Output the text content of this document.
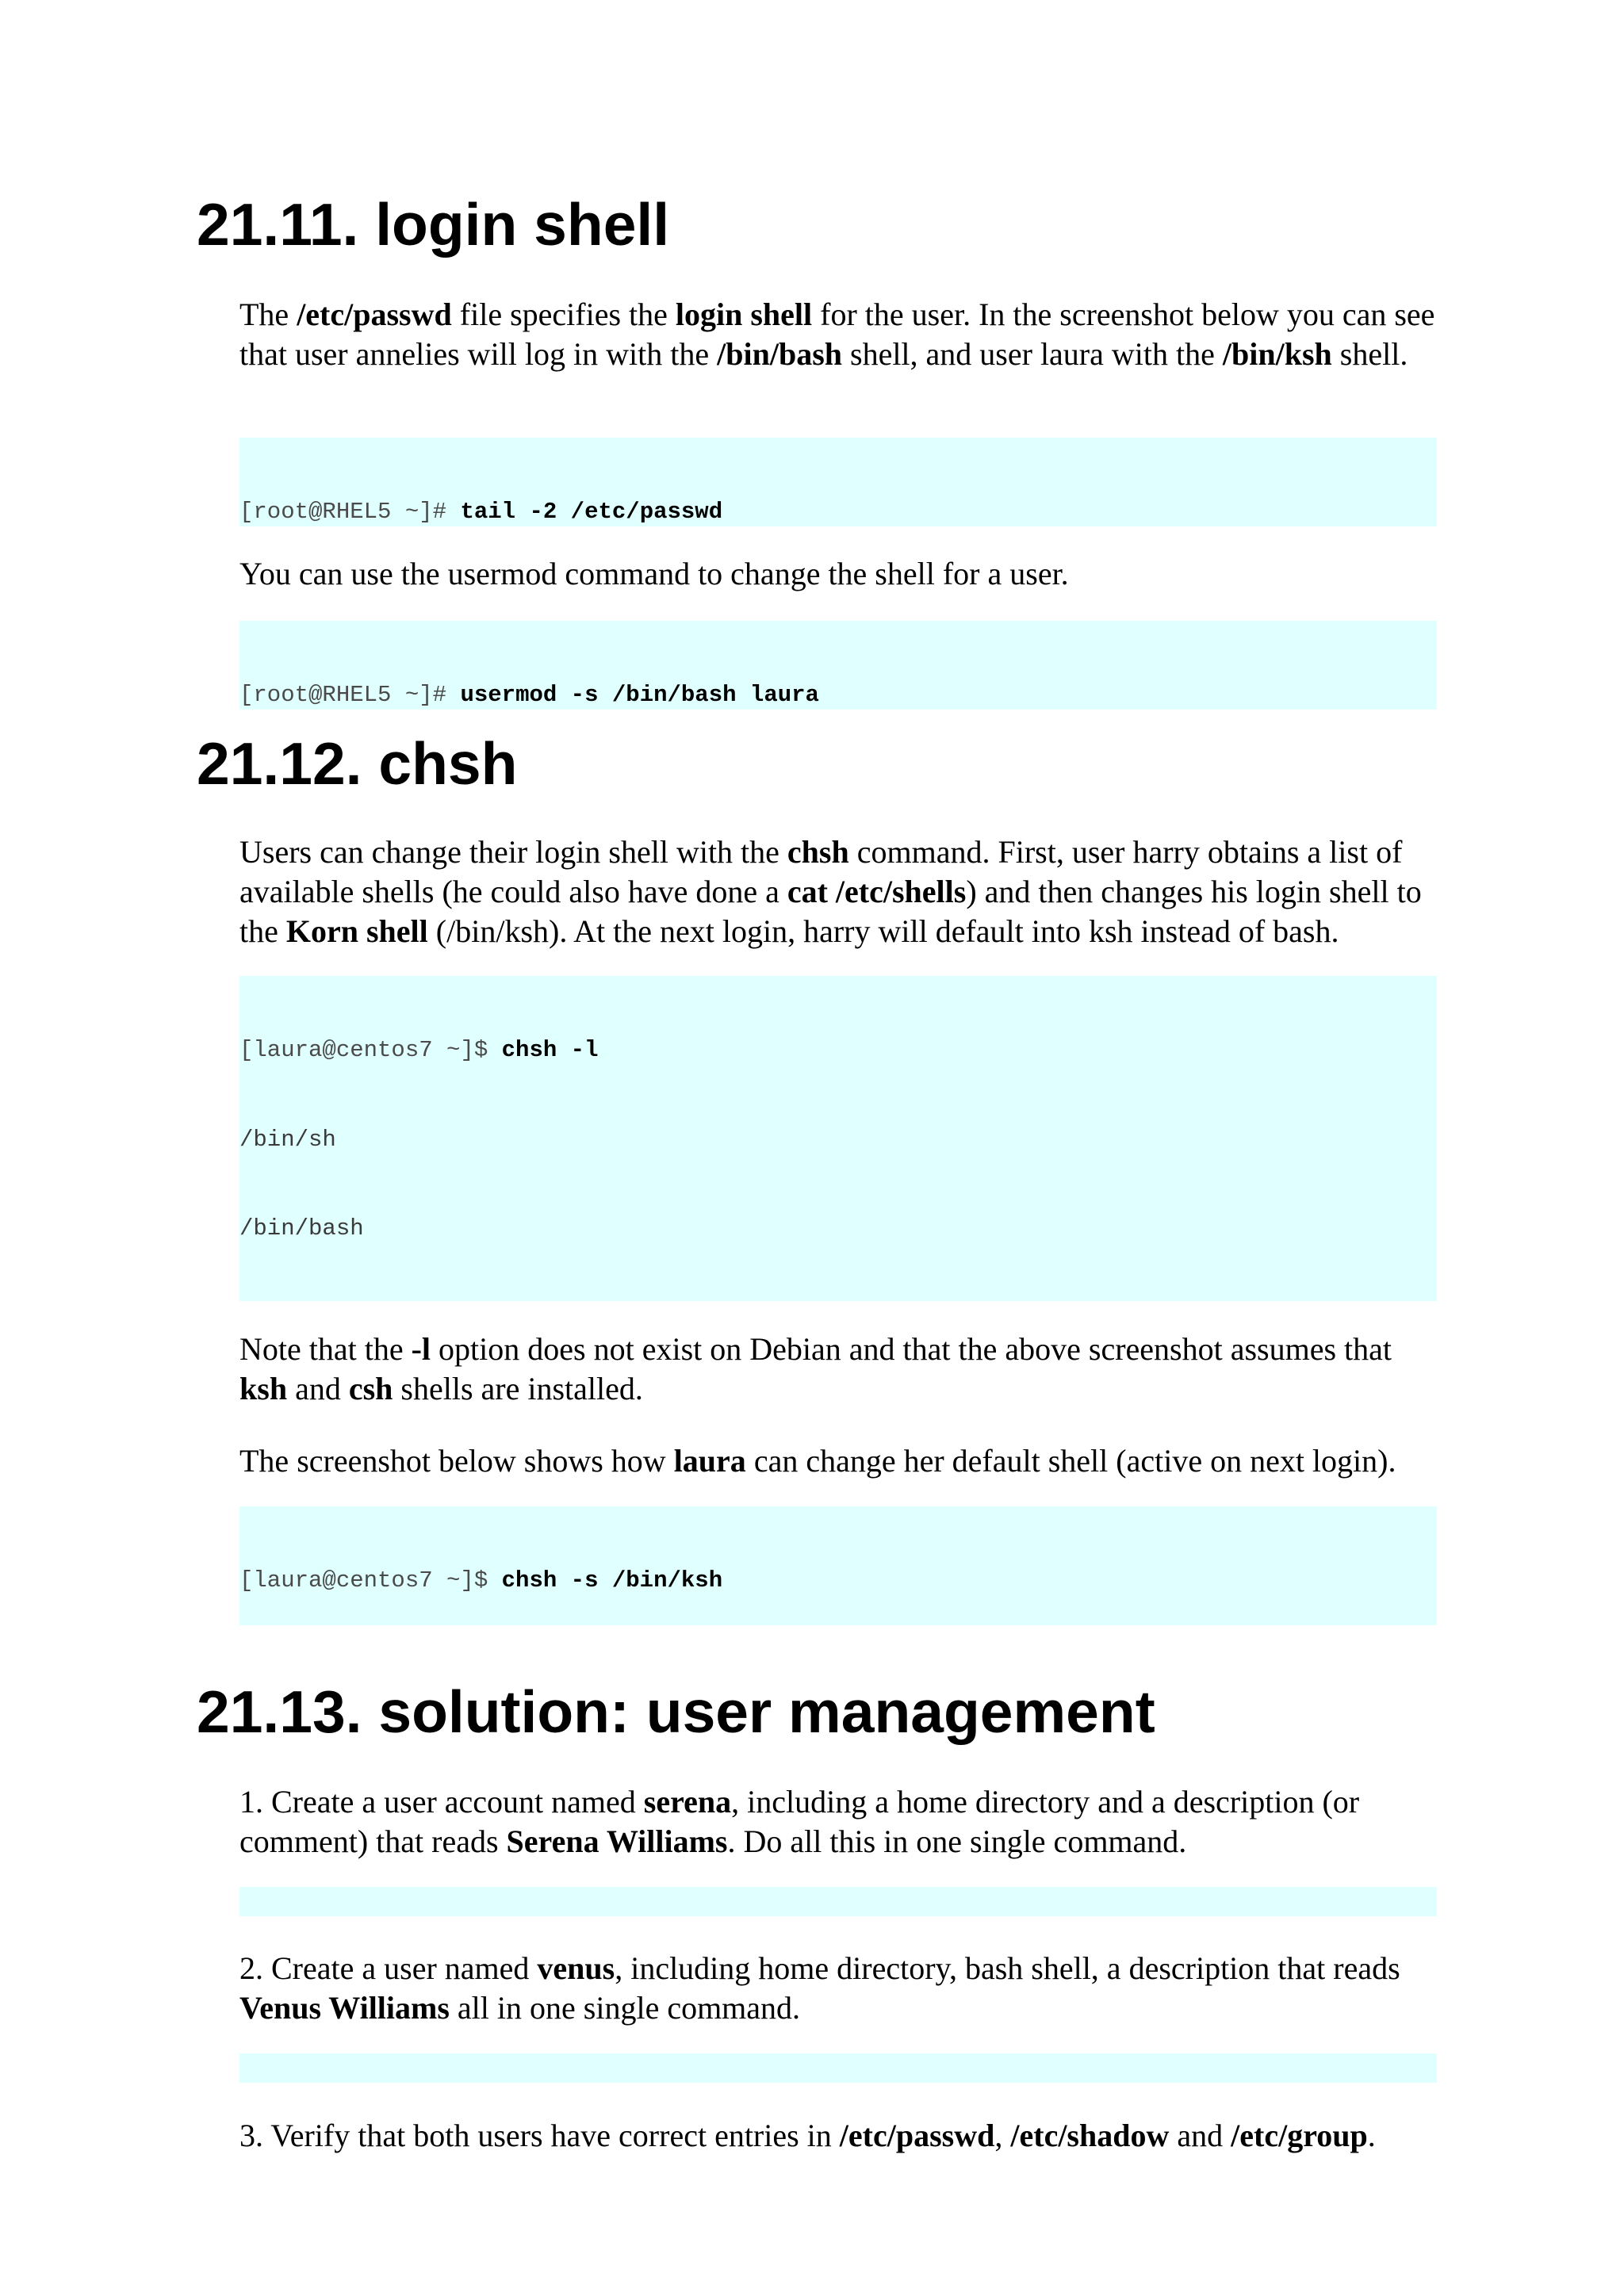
21.11. login shell

The /etc/passwd file specifies the login shell for the user. In the screenshot below you can see that user annelies will log in with the /bin/bash shell, and user laura with the /bin/ksh shell.

[root@RHEL5 ~]# tail -2 /etc/passwd

You can use the usermod command to change the shell for a user.

[root@RHEL5 ~]# usermod -s /bin/bash laura

21.12. chsh

Users can change their login shell with the chsh command. First, user harry obtains a list of available shells (he could also have done a cat /etc/shells) and then changes his login shell to the Korn shell (/bin/ksh). At the next login, harry will default into ksh instead of bash.

[laura@centos7 ~]$ chsh -l

/bin/sh

/bin/bash

Note that the -l option does not exist on Debian and that the above screenshot assumes that ksh and csh shells are installed.

The screenshot below shows how laura can change her default shell (active on next login).

[laura@centos7 ~]$ chsh -s /bin/ksh

21.13. solution: user management

1. Create a user account named serena, including a home directory and a description (or comment) that reads Serena Williams. Do all this in one single command.

2. Create a user named venus, including home directory, bash shell, a description that reads Venus Williams all in one single command.

3. Verify that both users have correct entries in /etc/passwd, /etc/shadow and /etc/group.
